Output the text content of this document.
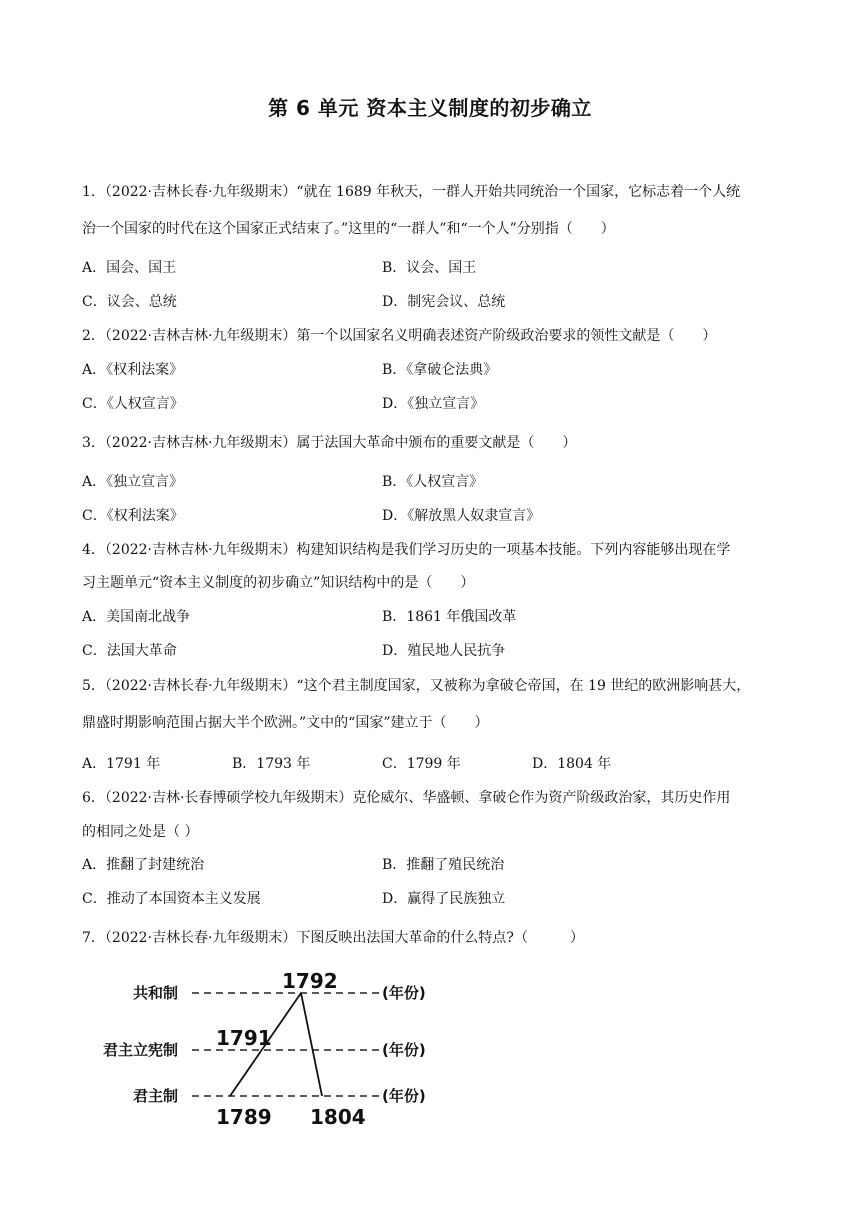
第 6 单元 资本主义制度的初步确立
1．（2022·吉林长春·九年级期末）“就在 1689 年秋天，一群人开始共同统治一个国家，它标志着一个人统
治一个国家的时代在这个国家正式结束了。”这里的“一群人”和“一个人”分别指（　　）
A．国会、国王	B．议会、国王
C．议会、总统	D．制宪会议、总统
2．（2022·吉林吉林·九年级期末）第一个以国家名义明确表述资产阶级政治要求的领性文献是（　　）
A．《权利法案》	B．《拿破仑法典》
C．《人权宣言》	D．《独立宣言》
3．（2022·吉林吉林·九年级期末）属于法国大革命中颁布的重要文献是（　　）
A．《独立宣言》	B．《人权宣言》
C．《权利法案》	D．《解放黑人奴隶宣言》
4．（2022·吉林吉林·九年级期末）构建知识结构是我们学习历史的一项基本技能。下列内容能够出现在学
习主题单元“资本主义制度的初步确立”知识结构中的是（　　）
A．美国南北战争	B．1861 年俄国改革
C．法国大革命	D．殖民地人民抗争
5．（2022·吉林长春·九年级期末）“这个君主制度国家，又被称为拿破仑帝国，在 19 世纪的欧洲影响甚大，
鼎盛时期影响范围占据大半个欧洲。”文中的“国家”建立于（　　）
A．1791 年	B．1793 年	C．1799 年	D．1804 年
6．（2022·吉林·长春博硕学校九年级期末）克伦威尔、华盛顿、拿破仑作为资产阶级政治家，其历史作用
的相同之处是（ ）
A．推翻了封建统治	B．推翻了殖民统治
C．推动了本国资本主义发展	D．赢得了民族独立
7．（2022·吉林长春·九年级期末）下图反映出法国大革命的什么特点?（　　　）
共和制
君主立宪制
君主制
(年份)
(年份)
(年份)
1792
1791
1789 1804
